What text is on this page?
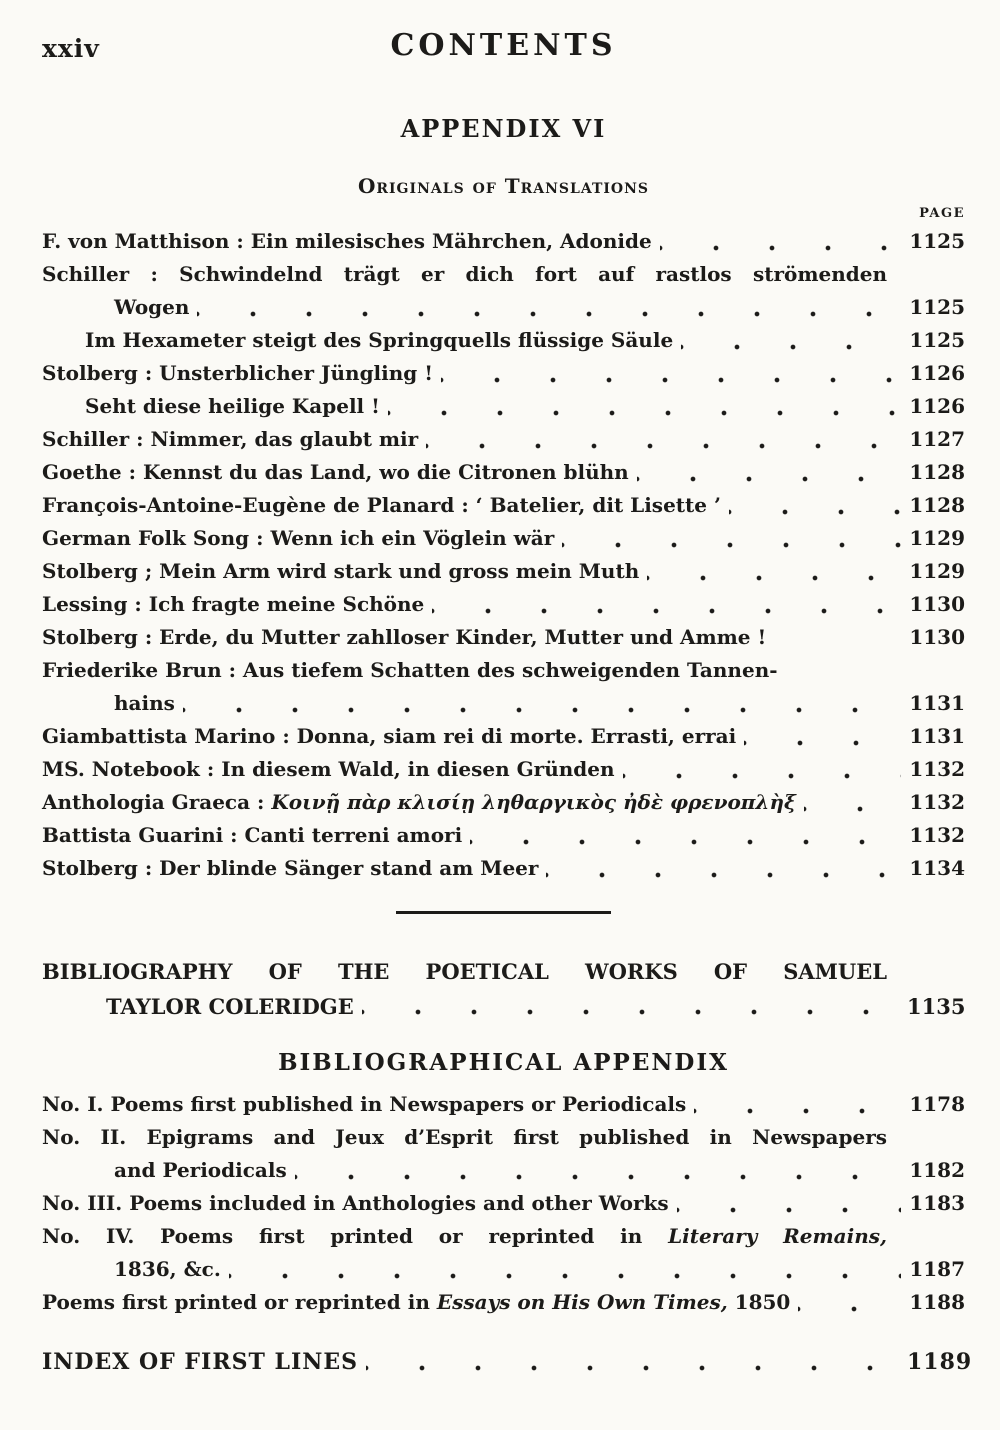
xxiv	CONTENTS
APPENDIX VI
Originals of Translations
PAGE
F. von Matthison : Ein milesisches Mährchen, Adonide	1125
Schiller : Schwindelnd trägt er dich fort auf rastlos strömenden
Wogen	1125
Im Hexameter steigt des Springquells flüssige Säule	1125
Stolberg : Unsterblicher Jüngling !	1126
Seht diese heilige Kapell !	1126
Schiller : Nimmer, das glaubt mir	1127
Goethe : Kennst du das Land, wo die Citronen blühn	1128
François-Antoine-Eugène de Planard : ‘ Batelier, dit Lisette ’	1128
German Folk Song : Wenn ich ein Vöglein wär	1129
Stolberg ; Mein Arm wird stark und gross mein Muth	1129
Lessing : Ich fragte meine Schöne	1130
Stolberg : Erde, du Mutter zahlloser Kinder, Mutter und Amme !	1130
Friederike Brun : Aus tiefem Schatten des schweigenden Tannen-
hains	1131
Giambattista Marino : Donna, siam rei di morte. Errasti, errai	1131
MS. Notebook : In diesem Wald, in diesen Gründen	1132
Anthologia Graeca : Κοινῇ πὰρ κλισίῃ ληθαργικὸς ἠδὲ φρενοπλὴξ	1132
Battista Guarini : Canti terreni amori	1132
Stolberg : Der blinde Sänger stand am Meer	1134
BIBLIOGRAPHY OF THE POETICAL WORKS OF SAMUEL
TAYLOR COLERIDGE	1135
BIBLIOGRAPHICAL APPENDIX
No. I. Poems first published in Newspapers or Periodicals	1178
No. II. Epigrams and Jeux d’Esprit first published in Newspapers
and Periodicals	1182
No. III. Poems included in Anthologies and other Works	1183
No. IV. Poems first printed or reprinted in Literary Remains,
1836, &c.	1187
Poems first printed or reprinted in Essays on His Own Times, 1850	1188
INDEX OF FIRST LINES	1189
